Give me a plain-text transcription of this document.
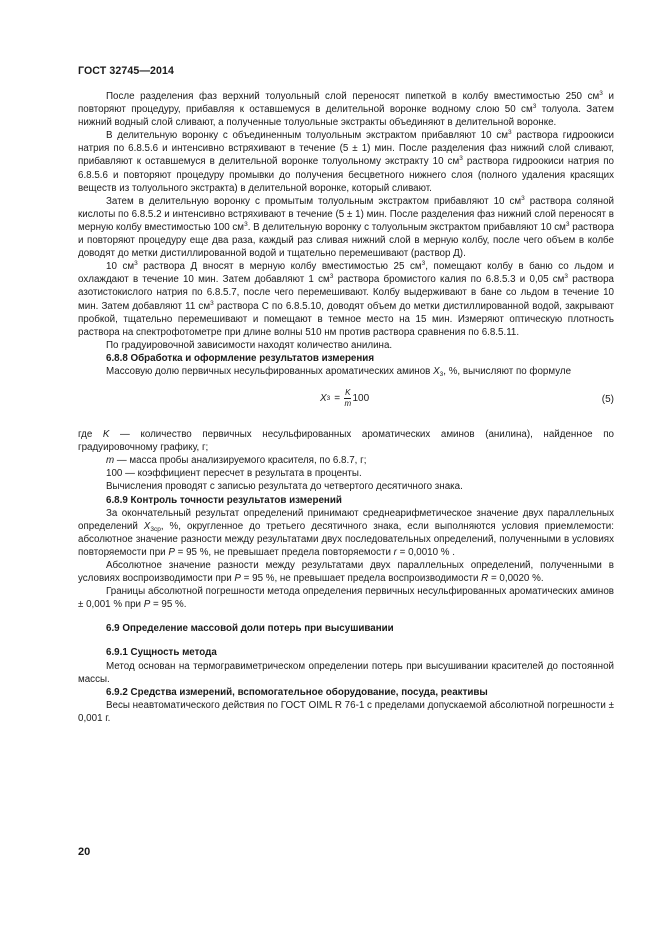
ГОСТ 32745—2014

После разделения фаз верхний толуольный слой переносят пипеткой в колбу вместимостью 250 $см^3$ и повторяют процедуру, прибавляя к оставшемуся в делительной воронке водному слою 50 $см^3$ толуола. Затем нижний водный слой сливают, а полученные толуольные экстракты объединяют в делительной воронке.

В делительную воронку с объединенным толуольным экстрактом прибавляют 10 $см^3$ раствора гидроокиси натрия по 6.8.5.6 и интенсивно встряхивают в течение (5 ± 1) мин. После разделения фаз нижний слой сливают, прибавляют к оставшемуся в делительной воронке толуольному экстракту 10 $см^3$ раствора гидроокиси натрия по 6.8.5.6 и повторяют процедуру промывки до получения бесцветного нижнего слоя (полного удаления красящих веществ из толуольного экстракта) в делительной воронке, который сливают.

Затем в делительную воронку с промытым толуольным экстрактом прибавляют 10 $см^3$ раствора соляной кислоты по 6.8.5.2 и интенсивно встряхивают в течение (5 ± 1) мин. После разделения фаз нижний слой переносят в мерную колбу вместимостью 100 $см^3$. В делительную воронку с толуольным экстрактом прибавляют 10 $см^3$ раствора и повторяют процедуру еще два раза, каждый раз сливая нижний слой в мерную колбу, после чего объем в колбе доводят до метки дистиллированной водой и тщательно перемешивают (раствор Д).

10 $см^3$ раствора Д вносят в мерную колбу вместимостью 25 $см^3$, помещают колбу в баню со льдом и охлаждают в течение 10 мин. Затем добавляют 1 $см^3$ раствора бромистого калия по 6.8.5.3 и 0,05 $см^3$ раствора азотистокислого натрия по 6.8.5.7, после чего перемешивают. Колбу выдерживают в бане со льдом в течение 10 мин. Затем добавляют 11 $см^3$ раствора С по 6.8.5.10, доводят объем до метки дистиллированной водой, закрывают пробкой, тщательно перемешивают и помещают в темное место на 15 мин. Измеряют оптическую плотность раствора на спектрофотометре при длине волны 510 нм против раствора сравнения по 6.8.5.11.

По градуировочной зависимости находят количество анилина.

6.8.8 Обработка и оформление результатов измерения

Массовую долю первичных несульфированных ароматических аминов $X_3$, %, вычисляют по формуле

X $3 = \frac{K}{m} 100$	(5)

где K — количество первичных несульфированных ароматических аминов (анилина), найденное по градуировочному графику, г;

m — масса пробы анализируемого красителя, по 6.8.7, г;

100 — коэффициент пересчет в результата в проценты.

Вычисления проводят с записью результата до четвертого десятичного знака.

6.8.9 Контроль точности результатов измерений

За окончательный результат определений принимают среднеарифметическое значение двух параллельных определений $X_{3ср}$, %, округленное до третьего десятичного знака, если выполняются условия приемлемости: абсолютное значение разности между результатами двух последовательных определений, полученными в условиях повторяемости при P = 95 %, не превышает предела повторяемости r = 0,0010 % .

Абсолютное значение разности между результатами двух параллельных определений, полученными в условиях воспроизводимости при P = 95 %, не превышает предела воспроизводимости R = 0,0020 %.

Границы абсолютной погрешности метода определения первичных несульфированных ароматических аминов ± 0,001 % при P = 95 %.

6.9 Определение массовой доли потерь при высушивании
6.9.1 Сущность метода

Метод основан на термогравиметрическом определении потерь при высушивании красителей до постоянной массы.

6.9.2 Средства измерений, вспомогательное оборудование, посуда, реактивы

Весы неавтоматического действия по ГОСТ OIML R 76-1 с пределами допускаемой абсолютной погрешности ± 0,001 г.

20
